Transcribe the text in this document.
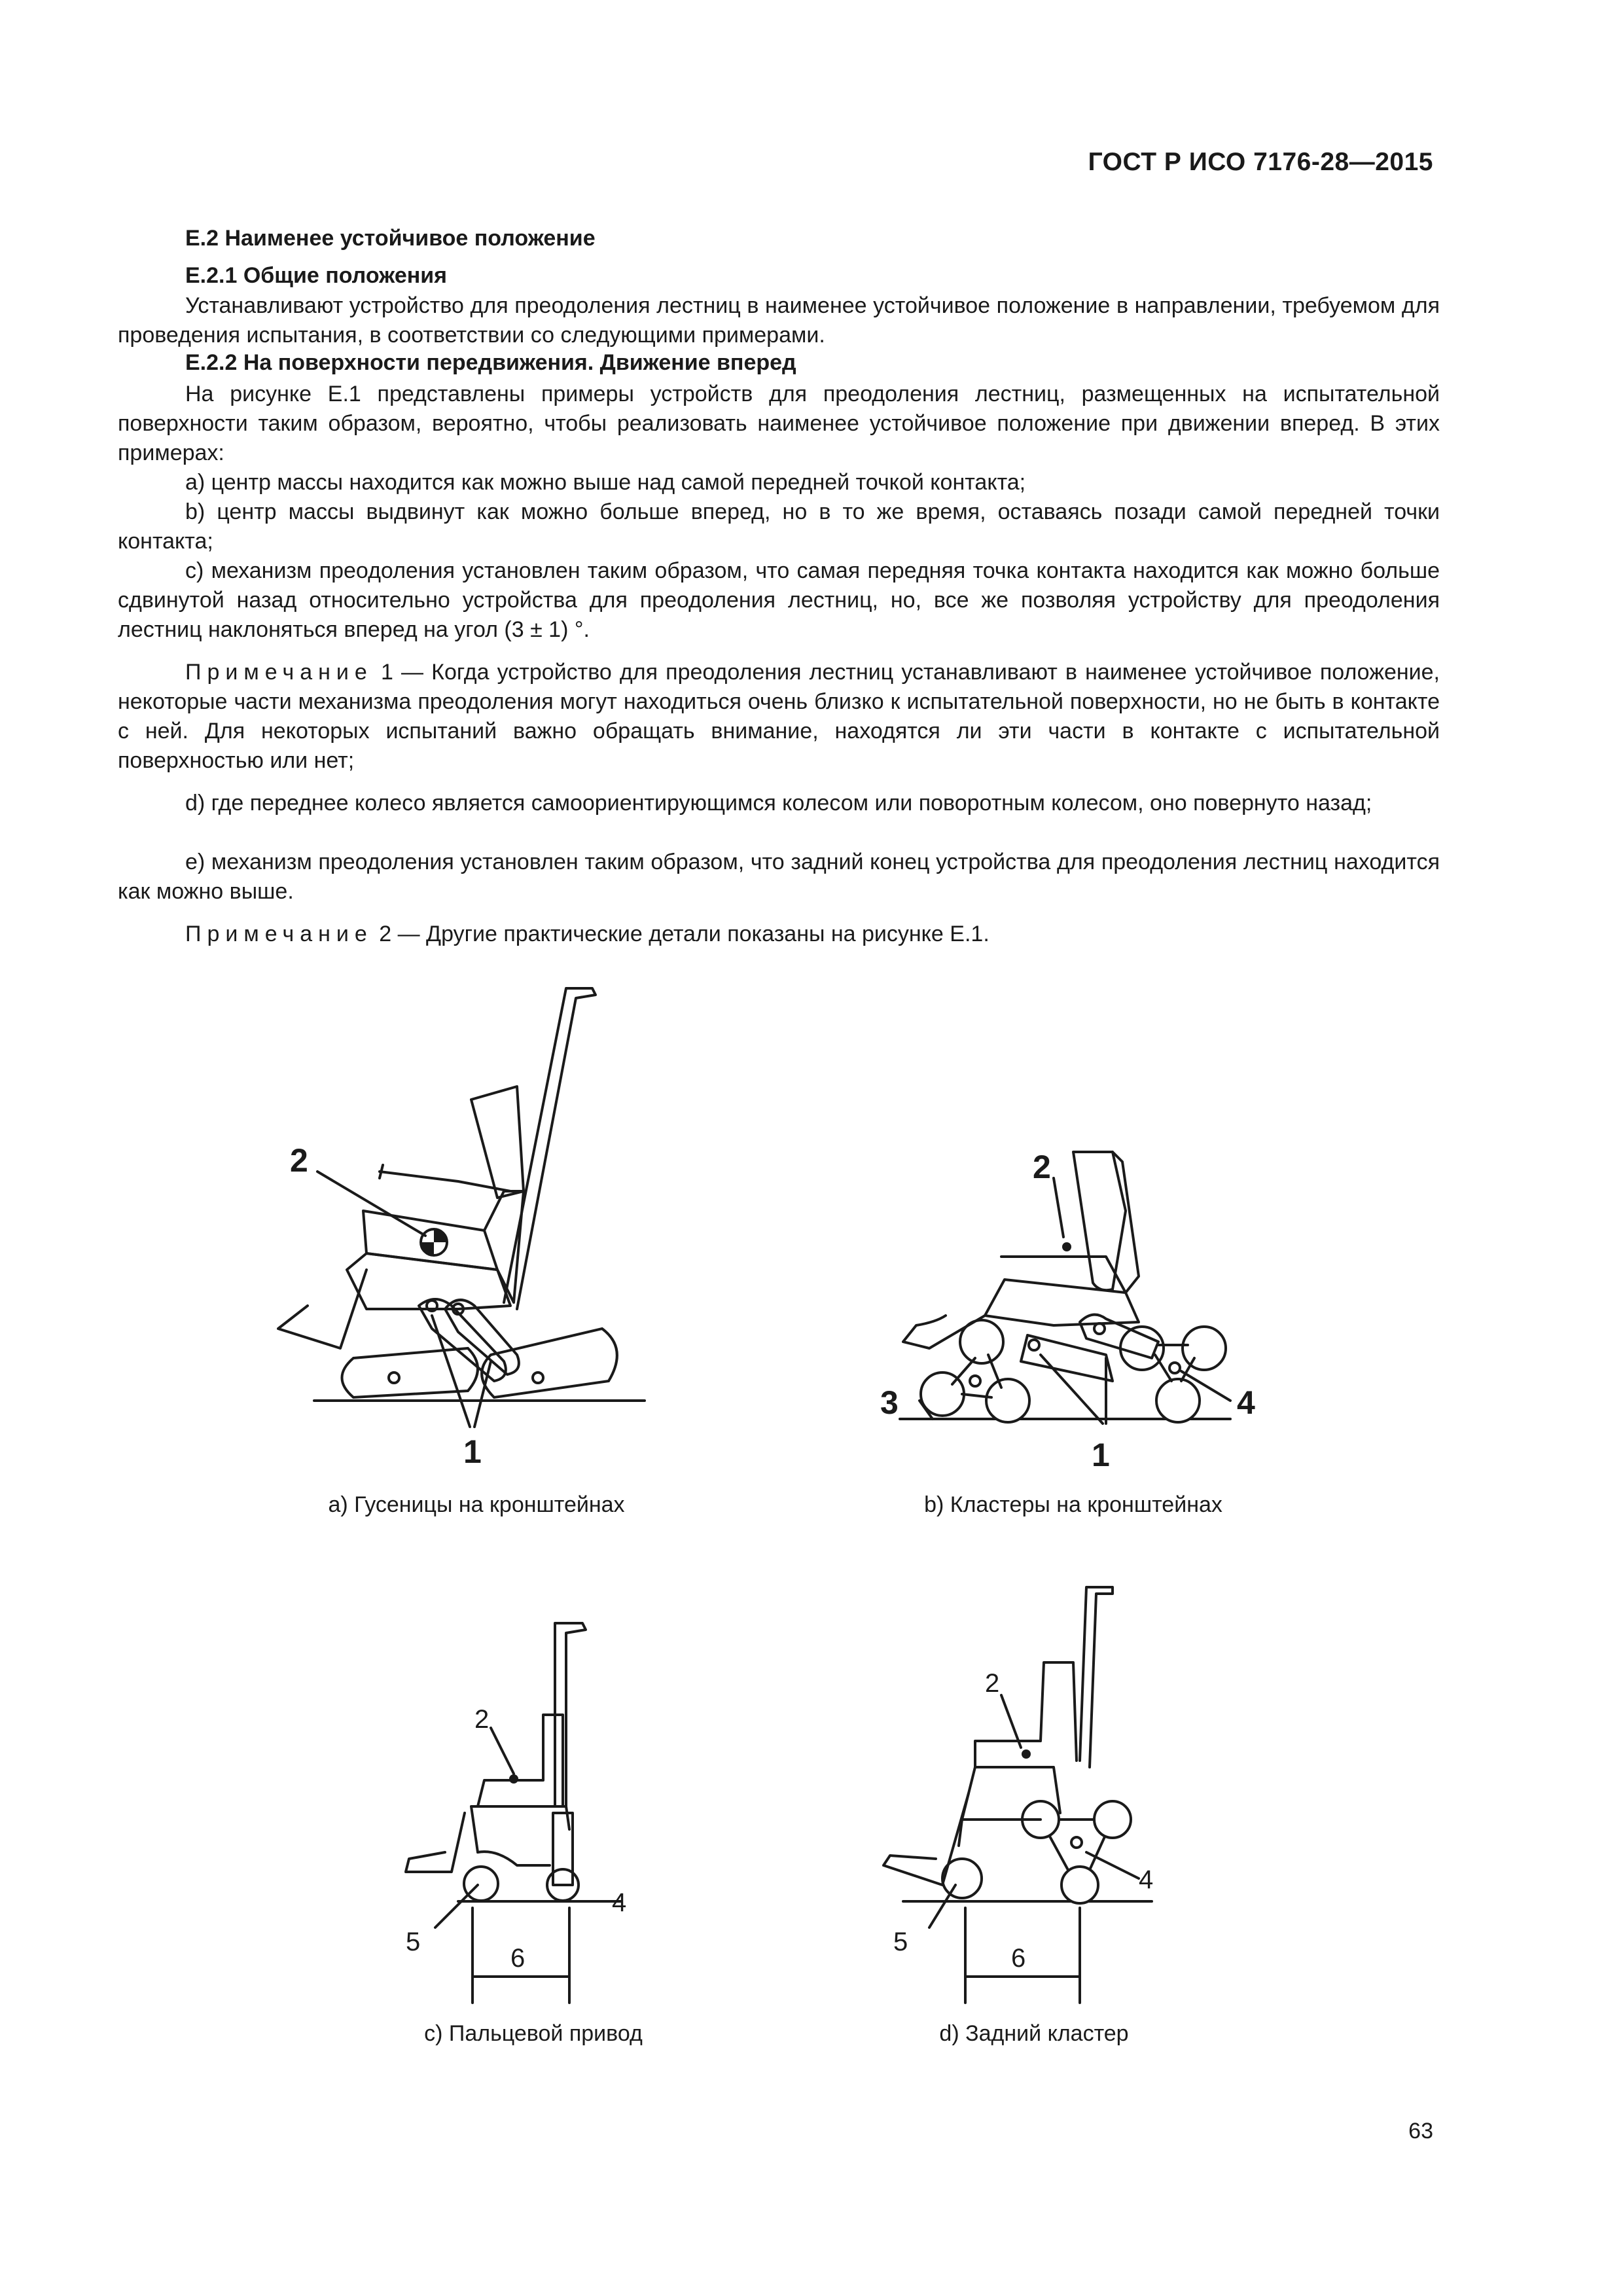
ГОСТ Р ИСО 7176-28—2015
Е.2 Наименее устойчивое положение
Е.2.1 Общие положения

Устанавливают устройство для преодоления лестниц в наименее устойчивое положение в направлении, требуемом для проведения испытания, в соответствии со следующими примерами.

Е.2.2 На поверхности передвижения. Движение вперед

На рисунке Е.1 представлены примеры устройств для преодоления лестниц, размещенных на испытательной поверхности таким образом, вероятно, чтобы реализовать наименее устойчивое положение при движении вперед. В этих примерах:

a) центр массы находится как можно выше над самой передней точкой контакта;

b) центр массы выдвинут как можно больше вперед, но в то же время, оставаясь позади самой передней точки контакта;

c) механизм преодоления установлен таким образом, что самая передняя точка контакта находится как можно больше сдвинутой назад относительно устройства для преодоления лестниц, но, все же позволяя устройству для преодоления лестниц наклоняться вперед на угол (3 ± 1) °.

Примечание 1 — Когда устройство для преодоления лестниц устанавливают в наименее устойчивое положение, некоторые части механизма преодоления могут находиться очень близко к испытательной поверхности, но не быть в контакте с ней. Для некоторых испытаний важно обращать внимание, находятся ли эти части в контакте с испытательной поверхностью или нет;

d) где переднее колесо является самоориентирующимся колесом или поворотным колесом, оно повернуто назад;

e) механизм преодоления установлен таким образом, что задний конец устройства для преодоления лестниц находится как можно выше.

Примечание 2 — Другие практические детали показаны на рисунке Е.1.

2
1
2
3	4
1
2
4
5
6
2
4
5
6
a) Гусеницы на кронштейнах	b) Кластеры на кронштейнах
c) Пальцевой привод	d) Задний кластер
63
